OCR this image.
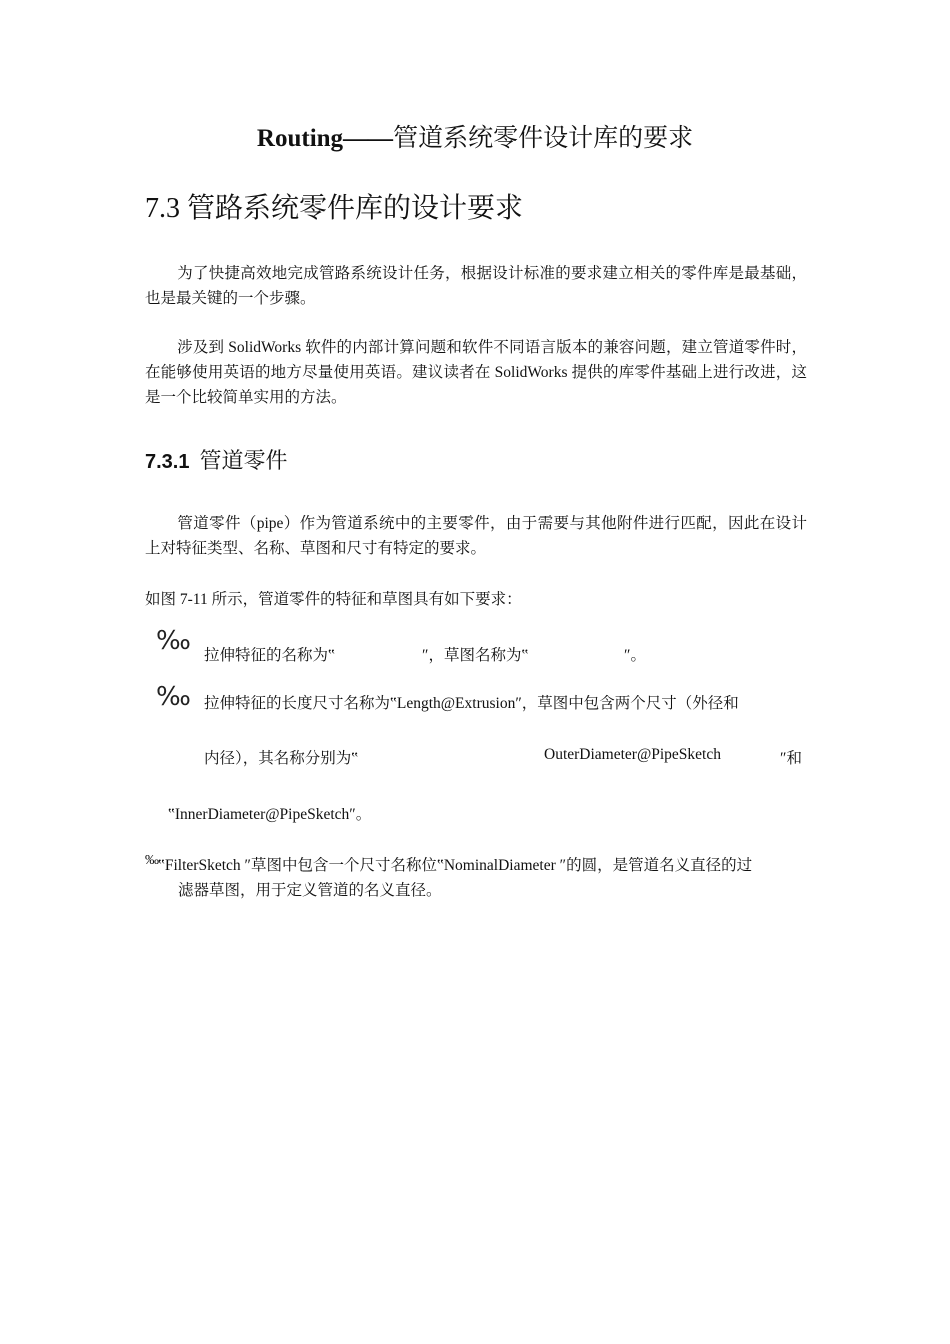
Routing——管道系统零件设计库的要求
7.3 管路系统零件库的设计要求
为了快捷高效地完成管路系统设计任务，根据设计标准的要求建立相关的零件库是最基础，也是最关键的一个步骤。
涉及到 SolidWorks 软件的内部计算问题和软件不同语言版本的兼容问题，建立管道零件时，在能够使用英语的地方尽量使用英语。建议读者在 SolidWorks 提供的库零件基础上进行改进，这是一个比较简单实用的方法。
7.3.1 管道零件
管道零件（pipe）作为管道系统中的主要零件，由于需要与其他附件进行匹配，因此在设计上对特征类型、名称、草图和尺寸有特定的要求。
如图 7-11 所示，管道零件的特征和草图具有如下要求：
‰ 拉伸特征的名称为‟	″，草图名称为‟	″。
‰ 拉伸特征的长度尺寸名称为‟Length@Extrusion″，草图中包含两个尺寸（外径和
内径），其名称分别为‟	OuterDiameter@PipeSketch	″和
‟InnerDiameter@PipeSketch″。
‰ ‟FilterSketch ″草图中包含一个尺寸名称位‟NominalDiameter ″的圆，是管道名义直径的过
滤器草图，用于定义管道的名义直径。
